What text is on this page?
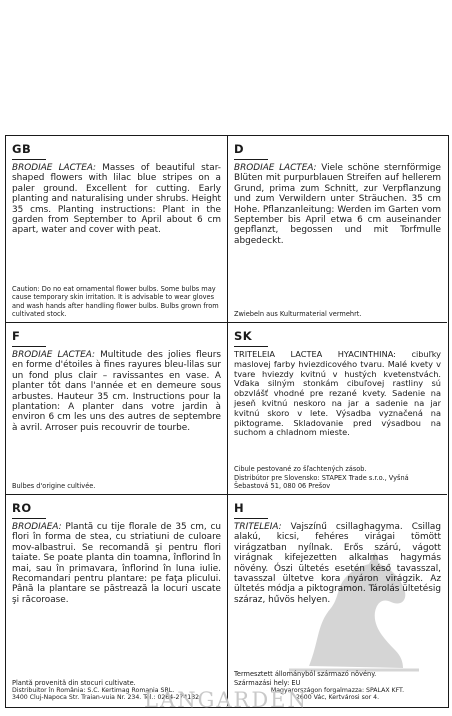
GB

BRODIAE LACTEA: Masses of beautiful star-shaped flowers with lilac blue stripes on a paler ground. Excellent for cutting. Early planting and naturalising under shrubs. Height 35 cms. Planting instructions: Plant in the garden from September to April about 6 cm apart, water and cover with peat.

Caution: Do no eat ornamental flower bulbs. Some bulbs may cause temporary skin irritation. It is advisable to wear gloves and wash hands after handling flower bulbs. Bulbs grown from cultivated stock.

D

BRODIAE LACTEA: Viele schöne sternförmige Blüten mit purpurblauen Streifen auf hellerem Grund, prima zum Schnitt, zur Verpflanzung und zum Verwildern unter Sträuchen. 35 cm Hohe. Pflanzanleitung: Werden im Garten vom September bis April etwa 6 cm auseinander gepflanzt, begossen und mit Torfmulle abgedeckt.

Zwiebeln aus Kulturmaterial vermehrt.

F

BRODIAE LACTEA: Multitude des jolies fleurs en forme d'étoiles à fines rayures bleu-lilas sur un fond plus clair – ravissantes en vase. A planter tôt dans l'année et en demeure sous arbustes. Hauteur 35 cm. Instructions pour la plantation: A planter dans votre jardin à environ 6 cm les uns des autres de septembre à avril. Arroser puis recouvrir de tourbe.

Bulbes d'origine cultivée.

SK

TRITELEIA LACTEA HYACINTHINA: cibuľky maslovej farby hviezdicového tvaru. Malé kvety v tvare hviezdy kvitnú v hustých kvetenstvách. Vďaka silným stonkám cibuľovej rastliny sú obzvlášť vhodné pre rezané kvety. Sadenie na jeseň kvitnú neskoro na jar a sadenie na jar kvitnú skoro v lete. Výsadba vyznačená na piktograme. Skladovanie pred výsadbou na suchom a chladnom mieste.

Cibule pestované zo šľachtených zásob.

Distribútor pre Slovensko: STAPEX Trade s.r.o., Vyšná Šebastová 51, 080 06 Prešov

RO

BRODIAEA: Plantă cu tije florale de 35 cm, cu flori în forma de stea, cu striatiuni de culoare mov-albastrui. Se recomandă şi pentru flori taiate. Se poate planta din toamna, înflorind în mai, sau în primavara, înflorind în luna iulie. Recomandari pentru plantare: pe faţa plicului. Până la plantare se păstrează la locuri uscate şi răcoroase.

Plantă provenită din stocuri cultivate.

Distribuitor în România: S.C. Kertimag Romania SRL.

3400 Cluj-Napoca Str. Traian-vuia Nr. 234. Tel.: 0264-274132

H

TRITELEIA: Vajszínű csillaghagyma. Csillag alakú, kicsi, fehéres virágai tömött virágzatban nyílnak. Erős szárú, vágott virágnak kifejezetten alkalmas hagymás növény. Ószi ültetés esetén késő tavasszal, tavasszal ültetve kora nyáron virágzik. Az ültetés módja a piktogramon. Tárolás ültetésig száraz, hűvös helyen.

Termesztett állományból származó növény.

Származási hely: EU

Magyarországon forgalmazza: SPALAX KFT.

2600 Vác, Kertvárosi sor 4.

LANGARDEN
